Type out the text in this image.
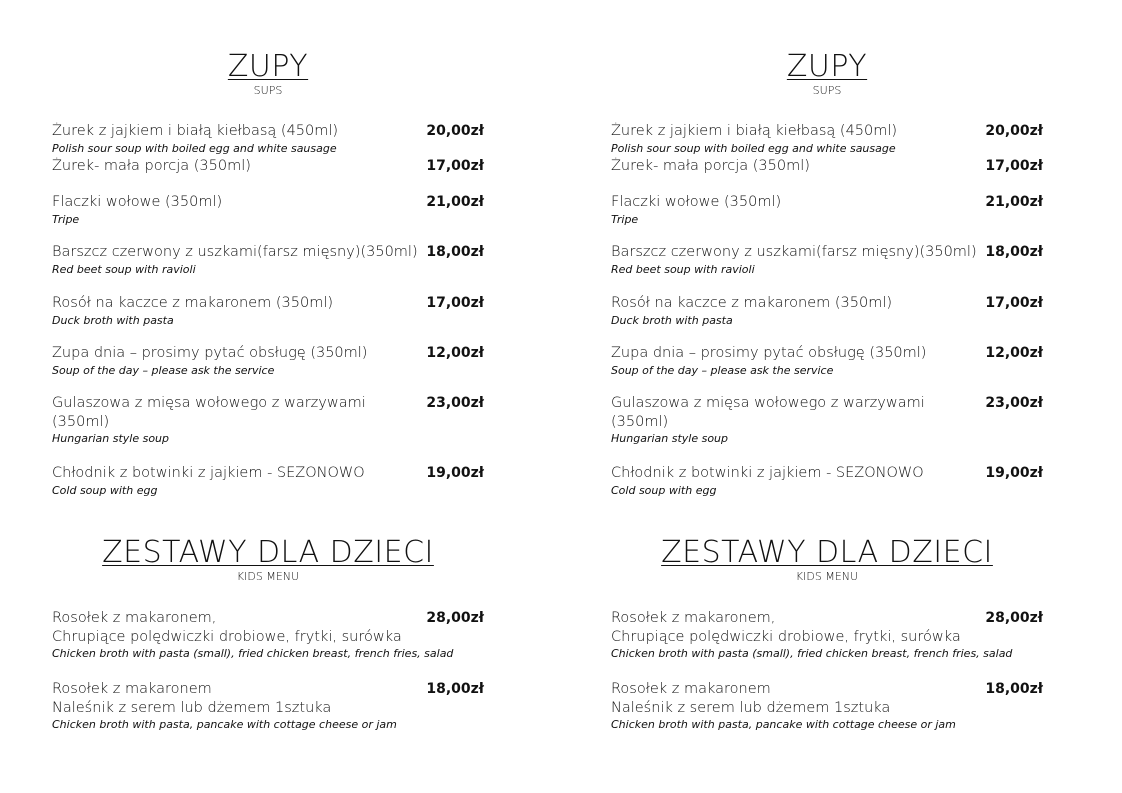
ZUPY
SUPS
Żurek z jajkiem i białą kiełbasą (450ml)	20,00zł
Polish sour soup with boiled egg and white sausage
Żurek- mała porcja (350ml)	17,00zł
Flaczki wołowe (350ml)	21,00zł
Tripe
Barszcz czerwony z uszkami(farsz mięsny)(350ml) 18,00zł
Red beet soup with ravioli
Rosół na kaczce z makaronem (350ml)	17,00zł
Duck broth with pasta
Zupa dnia – prosimy pytać obsługę (350ml)	12,00zł
Soup of the day – please ask the service
Gulaszowa z mięsa wołowego z warzywami	23,00zł
(350ml)
Hungarian style soup
Chłodnik z botwinki z jajkiem - SEZONOWO	19,00zł
Cold soup with egg
ZESTAWY DLA DZIECI
KIDS MENU
Rosołek z makaronem,	28,00zł
Chrupiące polędwiczki drobiowe, frytki, surówka
Chicken broth with pasta (small), fried chicken breast, french fries, salad
Rosołek z makaronem	18,00zł
Naleśnik z serem lub dżemem 1sztuka
Chicken broth with pasta, pancake with cottage cheese or jam
ZUPY
SUPS
Żurek z jajkiem i białą kiełbasą (450ml)	20,00zł
Polish sour soup with boiled egg and white sausage
Żurek- mała porcja (350ml)	17,00zł
Flaczki wołowe (350ml)	21,00zł
Tripe
Barszcz czerwony z uszkami(farsz mięsny)(350ml) 18,00zł
Red beet soup with ravioli
Rosół na kaczce z makaronem (350ml)	17,00zł
Duck broth with pasta
Zupa dnia – prosimy pytać obsługę (350ml)	12,00zł
Soup of the day – please ask the service
Gulaszowa z mięsa wołowego z warzywami	23,00zł
(350ml)
Hungarian style soup
Chłodnik z botwinki z jajkiem - SEZONOWO	19,00zł
Cold soup with egg
ZESTAWY DLA DZIECI
KIDS MENU
Rosołek z makaronem,	28,00zł
Chrupiące polędwiczki drobiowe, frytki, surówka
Chicken broth with pasta (small), fried chicken breast, french fries, salad
Rosołek z makaronem	18,00zł
Naleśnik z serem lub dżemem 1sztuka
Chicken broth with pasta, pancake with cottage cheese or jam
